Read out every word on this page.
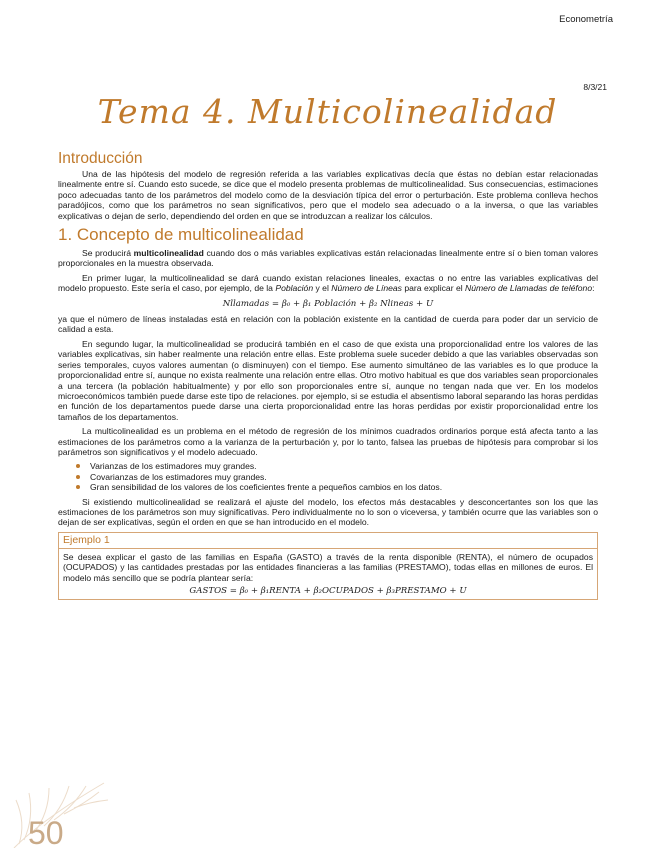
Econometría
8/3/21
Tema 4. Multicolinealidad
Introducción

Una de las hipótesis del modelo de regresión referida a las variables explicativas decía que éstas no debían estar relacionadas linealmente entre sí. Cuando esto sucede, se dice que el modelo presenta problemas de multicolinealidad. Sus consecuencias, estimaciones poco adecuadas tanto de los parámetros del modelo como de la desviación típica del error o perturbación. Este problema conlleva hechos paradójicos, como que los parámetros no sean significativos, pero que el modelo sea adecuado o a la inversa, o que las variables explicativas o dejan de serlo, dependiendo del orden en que se introduzcan a realizar los cálculos.

1. Concepto de multicolinealidad

Se producirá multicolinealidad cuando dos o más variables explicativas están relacionadas linealmente entre sí o bien toman valores proporcionales en la muestra observada.

En primer lugar, la multicolinealidad se dará cuando existan relaciones lineales, exactas o no entre las variables explicativas del modelo propuesto. Este sería el caso, por ejemplo, de la Población y el Número de Líneas para explicar el Número de Llamadas de teléfono:

Nllamadas = β₀ + β₁ Población + β₂ Nlineas + U

ya que el número de líneas instaladas está en relación con la población existente en la cantidad de cuerda para poder dar un servicio de calidad a esta.

En segundo lugar, la multicolinealidad se producirá también en el caso de que exista una proporcionalidad entre los valores de las variables explicativas, sin haber realmente una relación entre ellas. Este problema suele suceder debido a que las variables observadas son series temporales, cuyos valores aumentan (o disminuyen) con el tiempo. Ese aumento simultáneo de las variables es lo que produce la proporcionalidad entre sí, aunque no exista realmente una relación entre ellas. Otro motivo habitual es que dos variables sean proporcionales a una tercera (la población habitualmente) y por ello son proporcionales entre sí, aunque no tengan nada que ver. En los modelos microeconómicos también puede darse este tipo de relaciones. por ejemplo, si se estudia el absentismo laboral separando las horas perdidas en función de los departamentos puede darse una cierta proporcionalidad entre las horas perdidas por existir proporcionalidad entre los tamaños de los departamentos.

La multicolinealidad es un problema en el método de regresión de los mínimos cuadrados ordinarios porque está afecta tanto a las estimaciones de los parámetros como a la varianza de la perturbación y, por lo tanto, falsea las pruebas de hipótesis para comprobar si los parámetros son significativos y el modelo adecuado.

Varianzas de los estimadores muy grandes.
Covarianzas de los estimadores muy grandes.
Gran sensibilidad de los valores de los coeficientes frente a pequeños cambios en los datos.

Si existiendo multicolinealidad se realizará el ajuste del modelo, los efectos más destacables y desconcertantes son los que las estimaciones de los parámetros son muy significativas. Pero individualmente no lo son o viceversa, y también ocurre que las variables son o dejan de ser explicativas, según el orden en que se han introducido en el modelo.

Ejemplo 1

Se desea explicar el gasto de las familias en España (GASTO) a través de la renta disponible (RENTA), el número de ocupados (OCUPADOS) y las cantidades prestadas por las entidades financieras a las familias (PRESTAMO), todas ellas en millones de euros. El modelo más sencillo que se podría plantear sería:

GASTOS = β₀ + β₁RENTA + β₂OCUPADOS + β₃PRESTAMO + U
50
